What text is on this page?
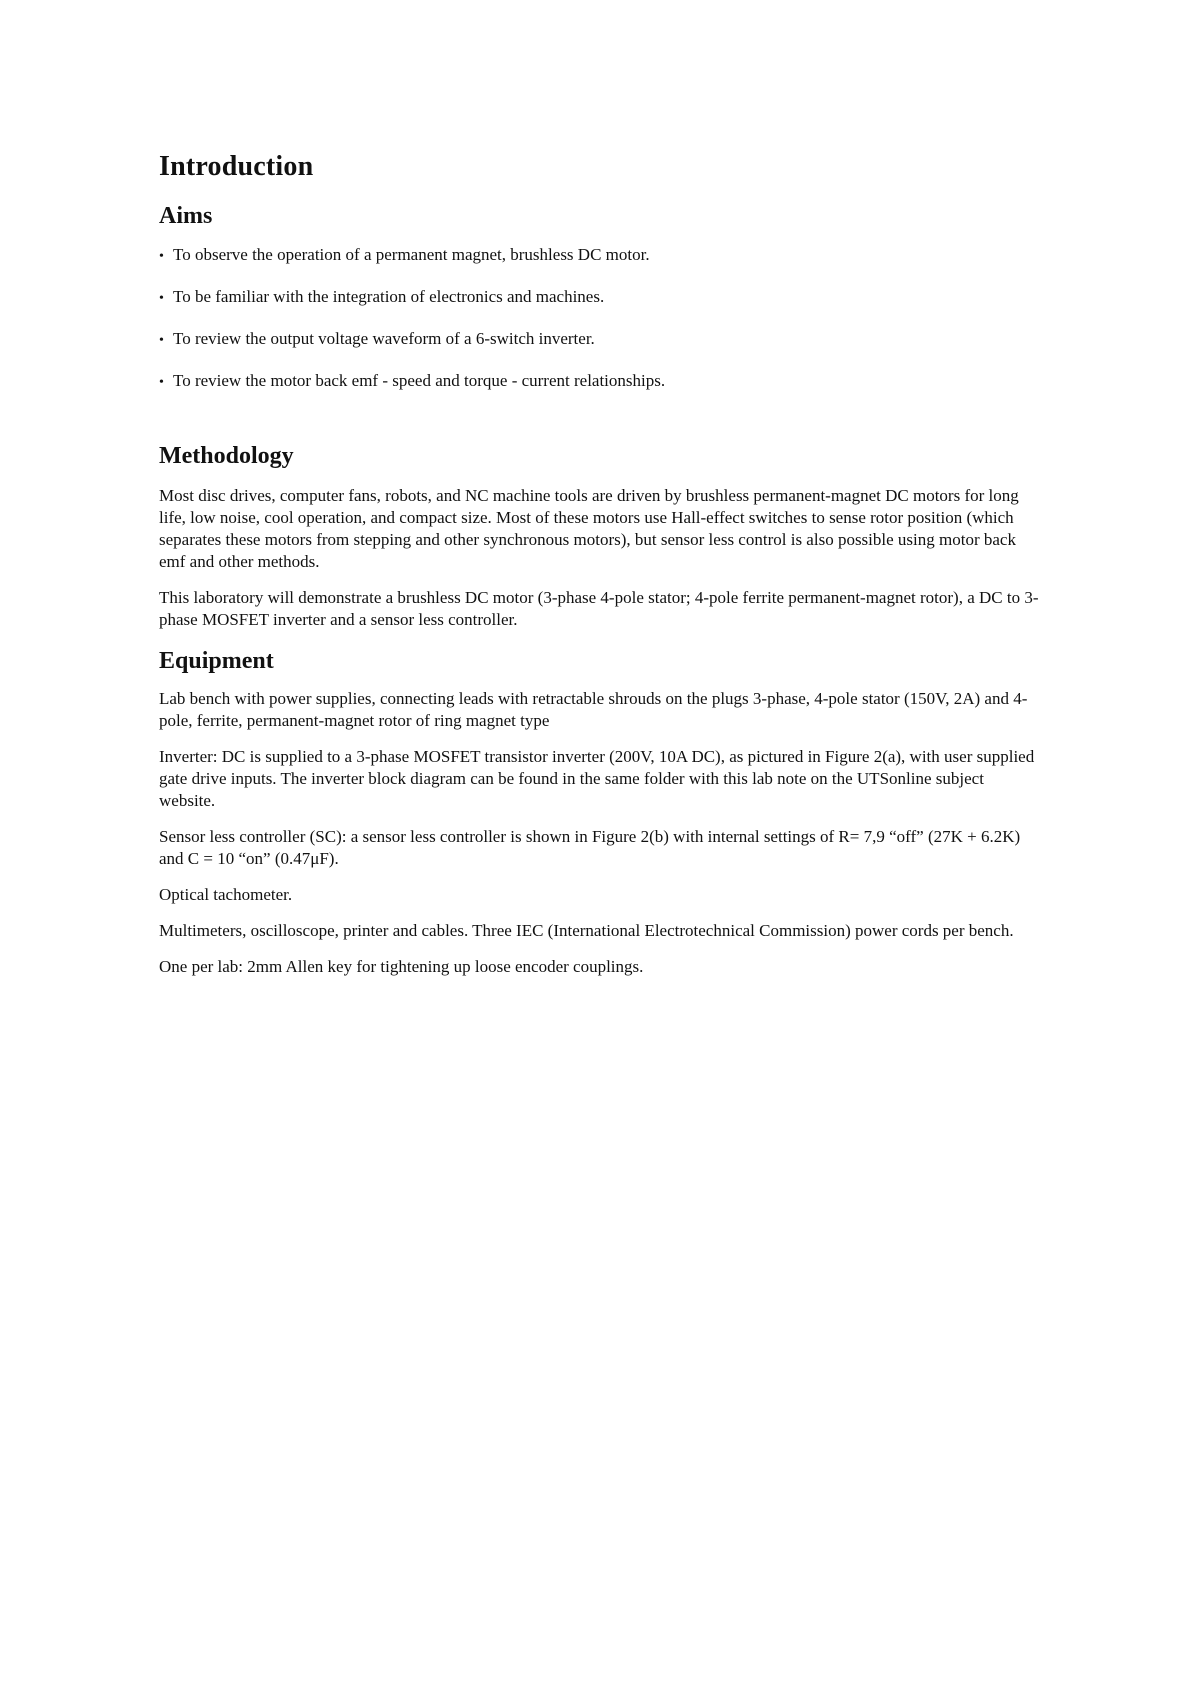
Introduction
Aims
• To observe the operation of a permanent magnet, brushless DC motor.
• To be familiar with the integration of electronics and machines.
• To review the output voltage waveform of a 6-switch inverter.
• To review the motor back emf - speed and torque - current relationships.
Methodology

Most disc drives, computer fans, robots, and NC machine tools are driven by brushless permanent-magnet DC motors for long life, low noise, cool operation, and compact size. Most of these motors use Hall-effect switches to sense rotor position (which separates these motors from stepping and other synchronous motors), but sensor less control is also possible using motor back emf and other methods.

This laboratory will demonstrate a brushless DC motor (3-phase 4-pole stator; 4-pole ferrite permanent-magnet rotor), a DC to 3-phase MOSFET inverter and a sensor less controller.

Equipment

Lab bench with power supplies, connecting leads with retractable shrouds on the plugs 3-phase, 4-pole stator (150V, 2A) and 4-pole, ferrite, permanent-magnet rotor of ring magnet type

Inverter: DC is supplied to a 3-phase MOSFET transistor inverter (200V, 10A DC), as pictured in Figure 2(a), with user supplied gate drive inputs. The inverter block diagram can be found in the same folder with this lab note on the UTSonline subject website.

Sensor less controller (SC): a sensor less controller is shown in Figure 2(b) with internal settings of R= 7,9 “off” (27K + 6.2K) and C = 10 “on” (0.47μF).

Optical tachometer.

Multimeters, oscilloscope, printer and cables. Three IEC (International Electrotechnical Commission) power cords per bench.

One per lab: 2mm Allen key for tightening up loose encoder couplings.
